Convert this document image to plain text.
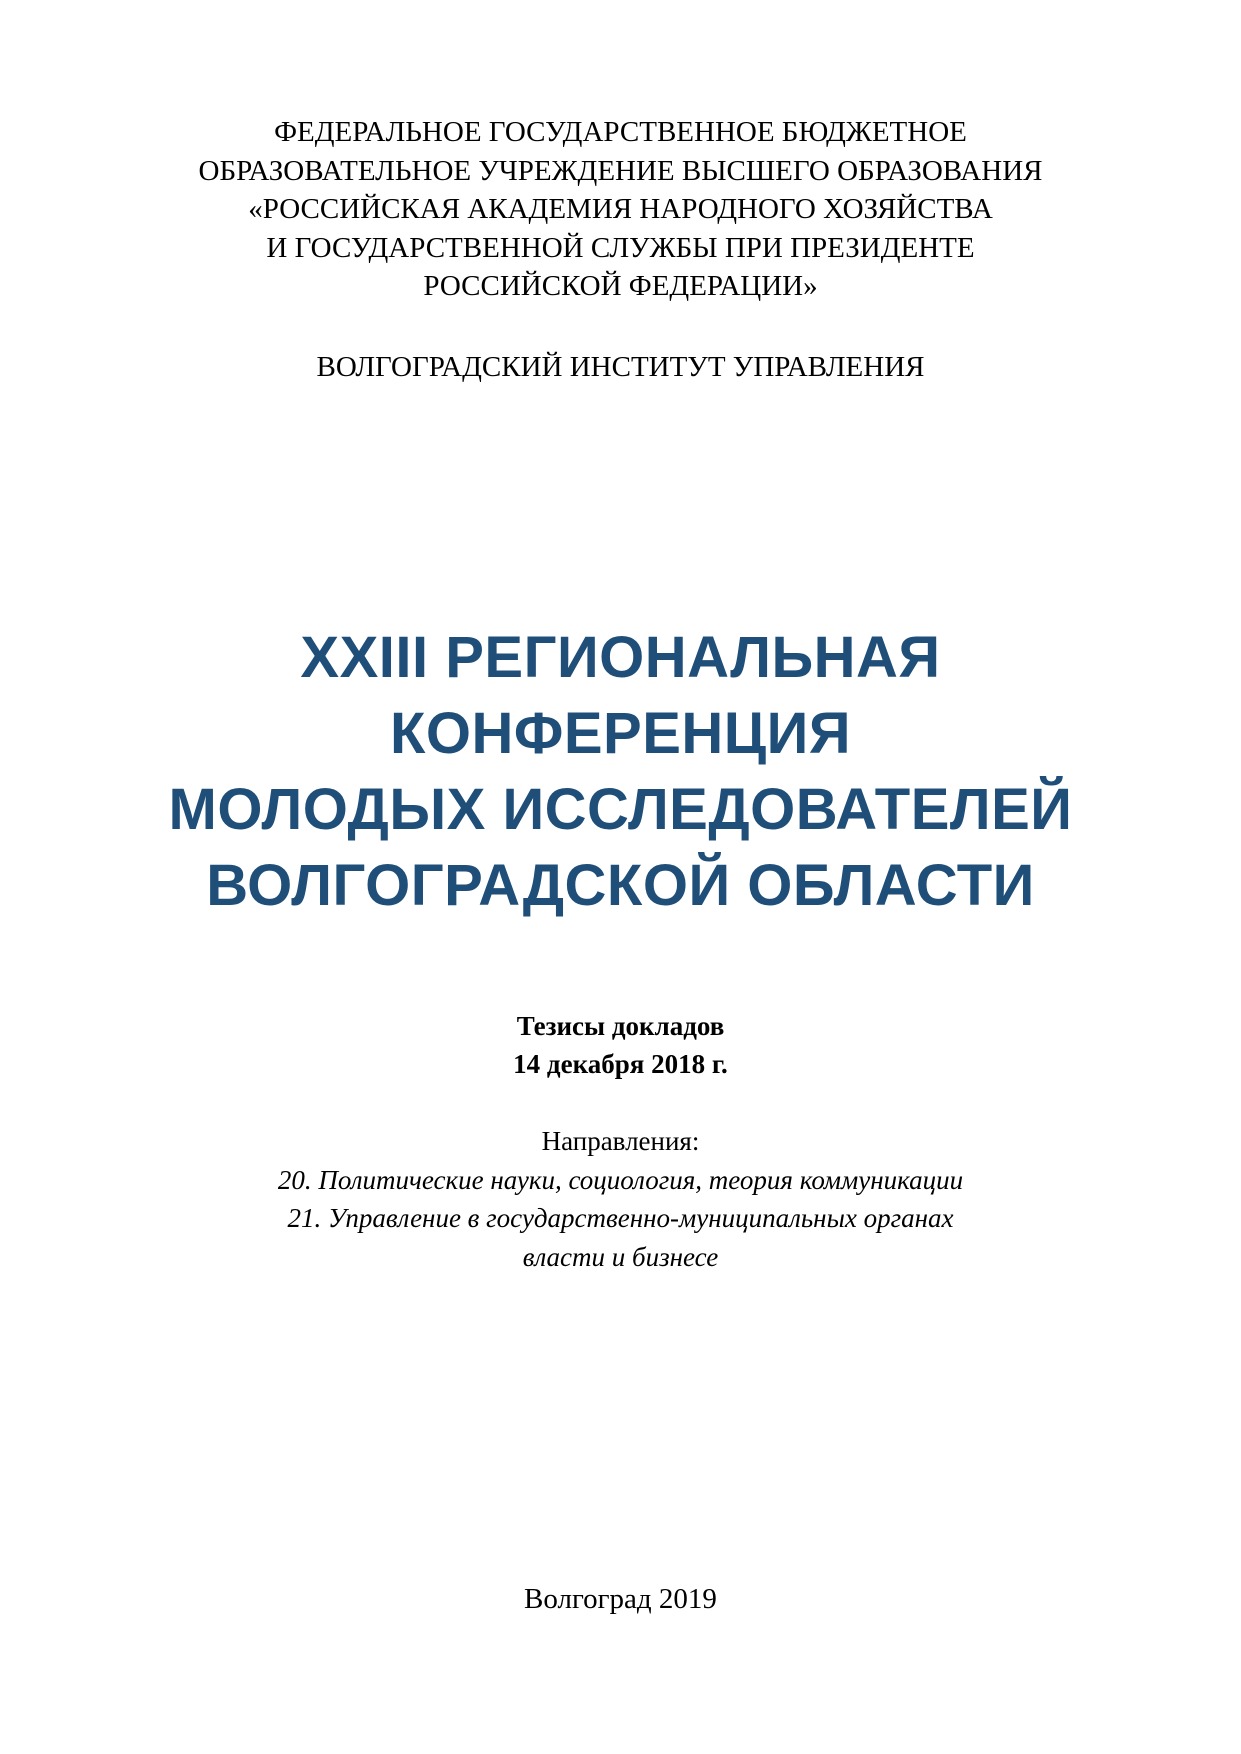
ФЕДЕРАЛЬНОЕ ГОСУДАРСТВЕННОЕ БЮДЖЕТНОЕ
ОБРАЗОВАТЕЛЬНОЕ УЧРЕЖДЕНИЕ ВЫСШЕГО ОБРАЗОВАНИЯ
«РОССИЙСКАЯ АКАДЕМИЯ НАРОДНОГО ХОЗЯЙСТВА
И ГОСУДАРСТВЕННОЙ СЛУЖБЫ ПРИ ПРЕЗИДЕНТЕ
РОССИЙСКОЙ ФЕДЕРАЦИИ»
ВОЛГОГРАДСКИЙ ИНСТИТУТ УПРАВЛЕНИЯ
XXIII РЕГИОНАЛЬНАЯ
КОНФЕРЕНЦИЯ
МОЛОДЫХ ИССЛЕДОВАТЕЛЕЙ
ВОЛГОГРАДСКОЙ ОБЛАСТИ
Тезисы докладов
14 декабря 2018 г.
Направления:
20. Политические науки, социология, теория коммуникации
21. Управление в государственно-муниципальных органах
власти и бизнесе
Волгоград 2019
